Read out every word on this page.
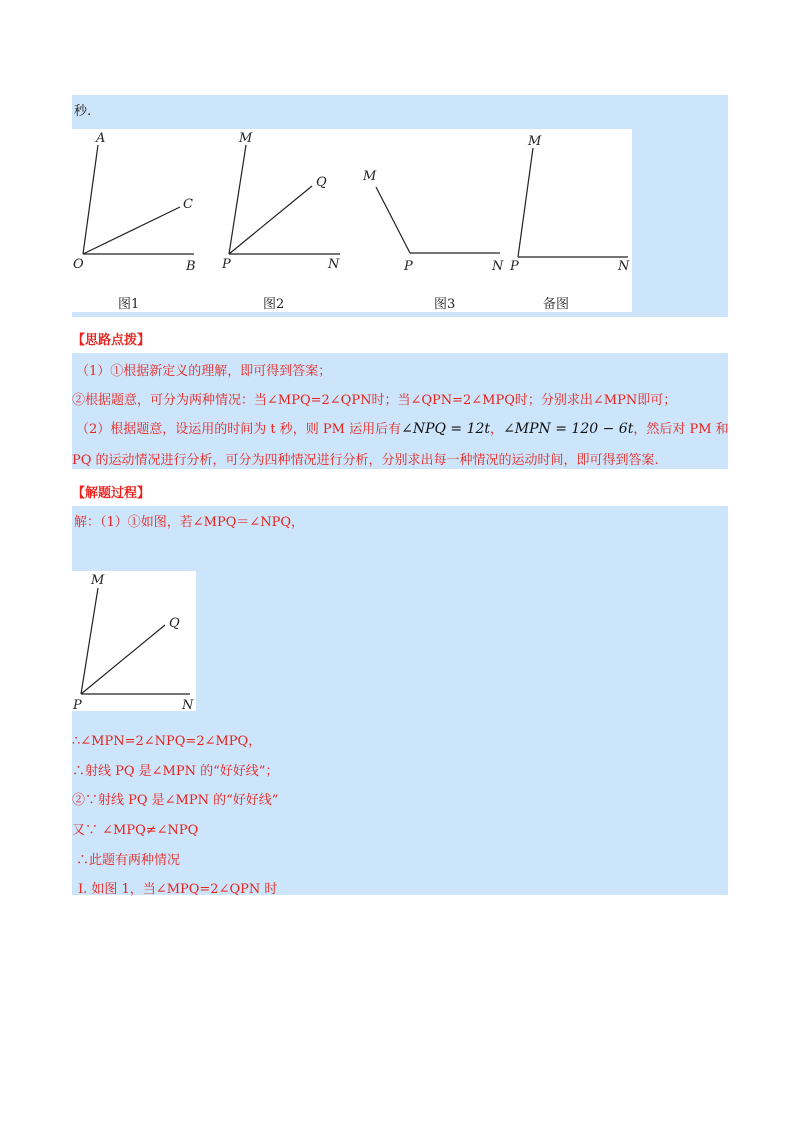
秒.
A
C
O	B
M
Q
P	N
M
P	N
M
P	N
图1	图2	图3	备图
【思路点拨】
（1）①根据新定义的理解，即可得到答案；
②根据题意，可分为两种情况：当∠MPQ=2∠QPN时；当∠QPN=2∠MPQ时；分别求出∠MPN即可；
（2）根据题意，设运用的时间为 t 秒，则 PM 运用后有∠NPQ = 12t，∠MPN = 120 − 6t，然后对 PM 和
PQ 的运动情况进行分析，可分为四种情况进行分析，分别求出每一种情况的运动时间，即可得到答案.
【解题过程】
解：（1）①如图，若∠MPQ＝∠NPQ，
M
Q
P	N
∴∠MPN=2∠NPQ=2∠MPQ，
∴射线 PQ 是∠MPN 的“好好线”；
②∵射线 PQ 是∠MPN 的“好好线”
又∵ ∠MPQ≠∠NPQ
∴此题有两种情况
Ⅰ. 如图 1，当∠MPQ=2∠QPN 时
